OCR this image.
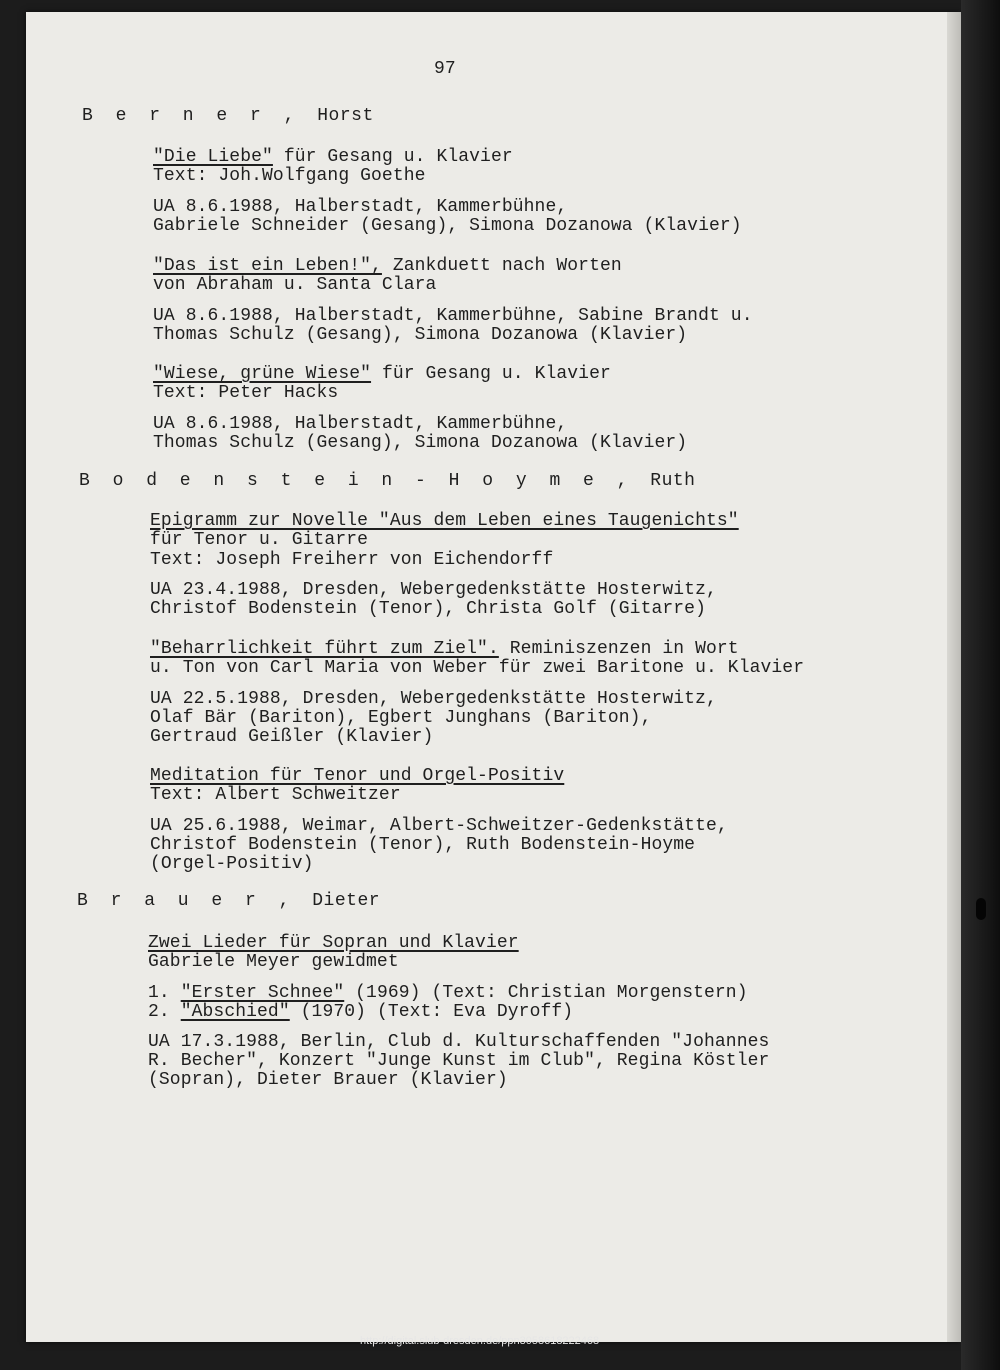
97
B e r n e r , Horst
"Die Liebe" für Gesang u. Klavier
Text: Joh.Wolfgang Goethe
UA 8.6.1988, Halberstadt, Kammerbühne,
Gabriele Schneider (Gesang), Simona Dozanowa (Klavier)
"Das ist ein Leben!", Zankduett nach Worten
von Abraham u. Santa Clara
UA 8.6.1988, Halberstadt, Kammerbühne, Sabine Brandt u.
Thomas Schulz (Gesang), Simona Dozanowa (Klavier)
"Wiese, grüne Wiese" für Gesang u. Klavier
Text: Peter Hacks
UA 8.6.1988, Halberstadt, Kammerbühne,
Thomas Schulz (Gesang), Simona Dozanowa (Klavier)
B o d e n s t e i n - H o y m e , Ruth
Epigramm zur Novelle "Aus dem Leben eines Taugenichts"
für Tenor u. Gitarre
Text: Joseph Freiherr von Eichendorff
UA 23.4.1988, Dresden, Webergedenkstätte Hosterwitz,
Christof Bodenstein (Tenor), Christa Golf (Gitarre)
"Beharrlichkeit führt zum Ziel". Reminiszenzen in Wort
u. Ton von Carl Maria von Weber für zwei Baritone u. Klavier
UA 22.5.1988, Dresden, Webergedenkstätte Hosterwitz,
Olaf Bär (Bariton), Egbert Junghans (Bariton),
Gertraud Geißler (Klavier)
Meditation für Tenor und Orgel-Positiv
Text: Albert Schweitzer
UA 25.6.1988, Weimar, Albert-Schweitzer-Gedenkstätte,
Christof Bodenstein (Tenor), Ruth Bodenstein-Hoyme
(Orgel-Positiv)
B r a u e r , Dieter
Zwei Lieder für Sopran und Klavier
Gabriele Meyer gewidmet
1. "Erster Schnee" (1969) (Text: Christian Morgenstern)
2. "Abschied" (1970) (Text: Eva Dyroff)
UA 17.3.1988, Berlin, Club d. Kulturschaffenden "Johannes
R. Becher", Konzert "Junge Kunst im Club", Regina Köstler
(Sopran), Dieter Brauer (Klavier)
http://digital.slub-dresden.de/ppn3058618222468
